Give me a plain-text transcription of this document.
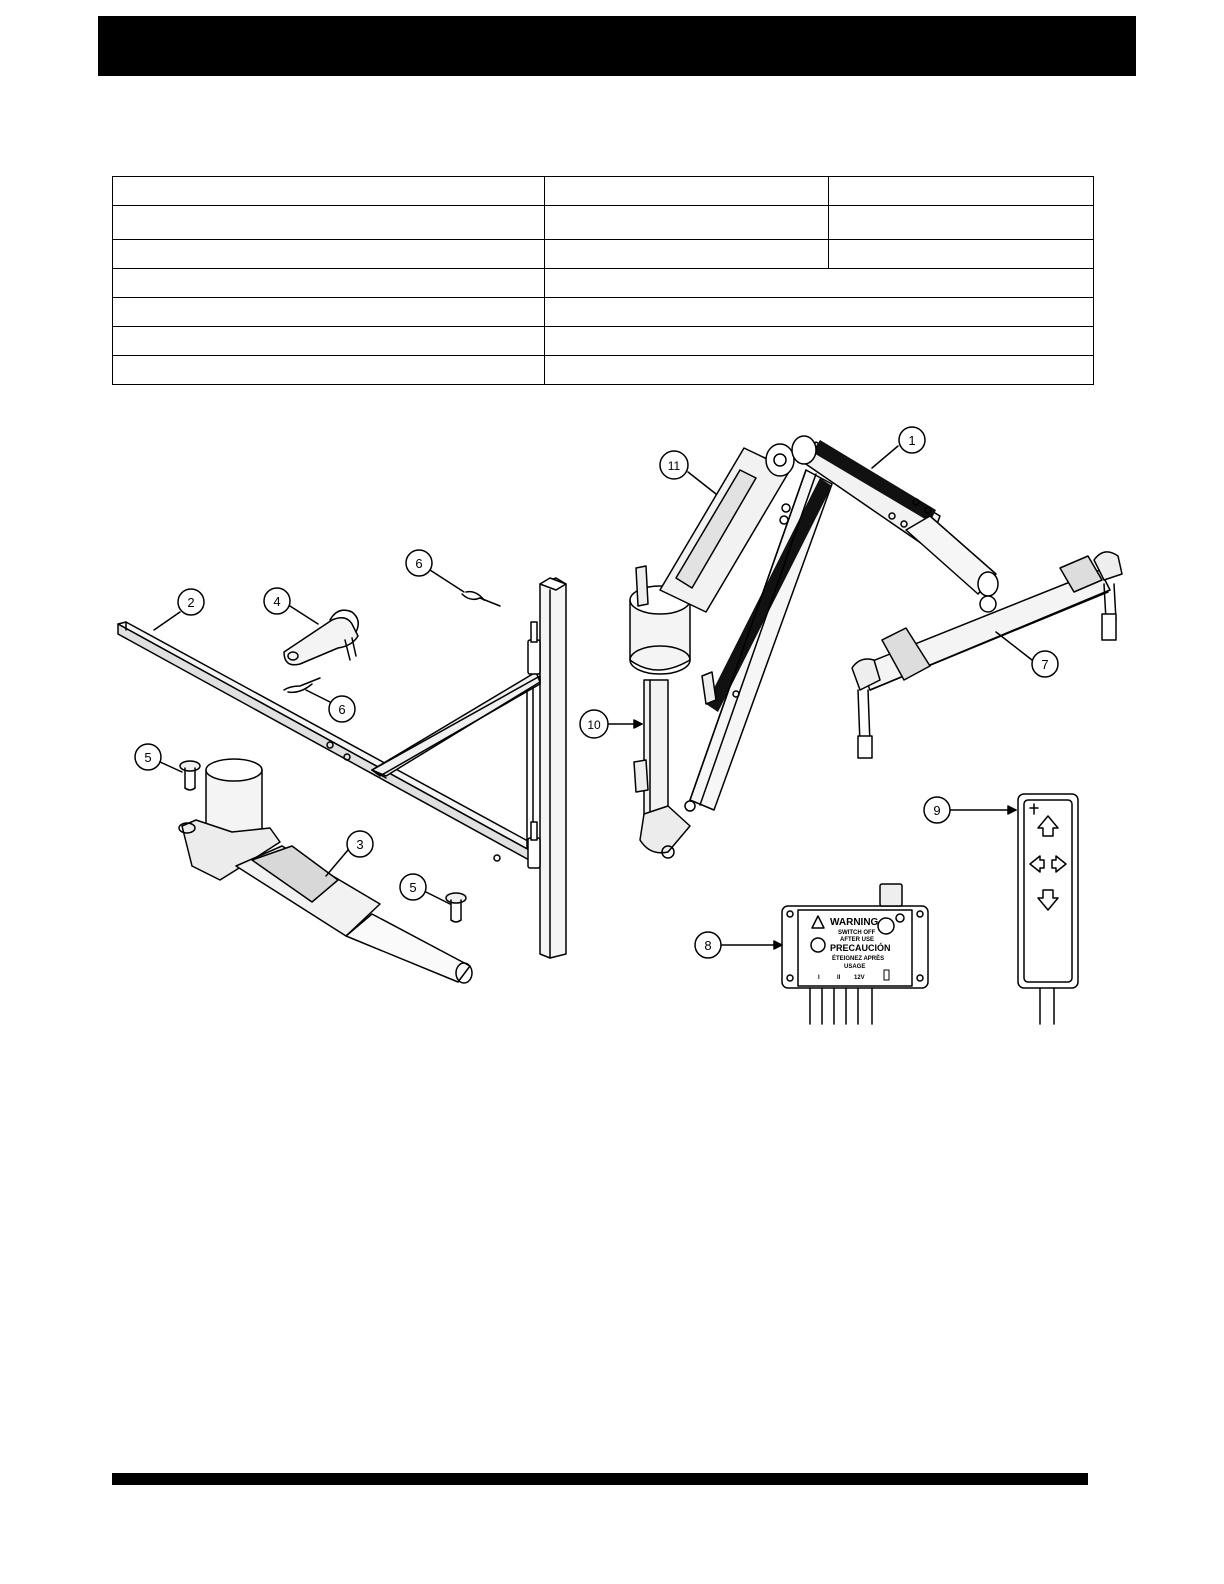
WARNING
SWITCH OFF
AFTER USE
PRECAUCIÓN
ÉTEIGNEZ APRÈS
USAGE
I	II 12V
1
2
3
4
5
5
6
6
7
8
9
10
11
